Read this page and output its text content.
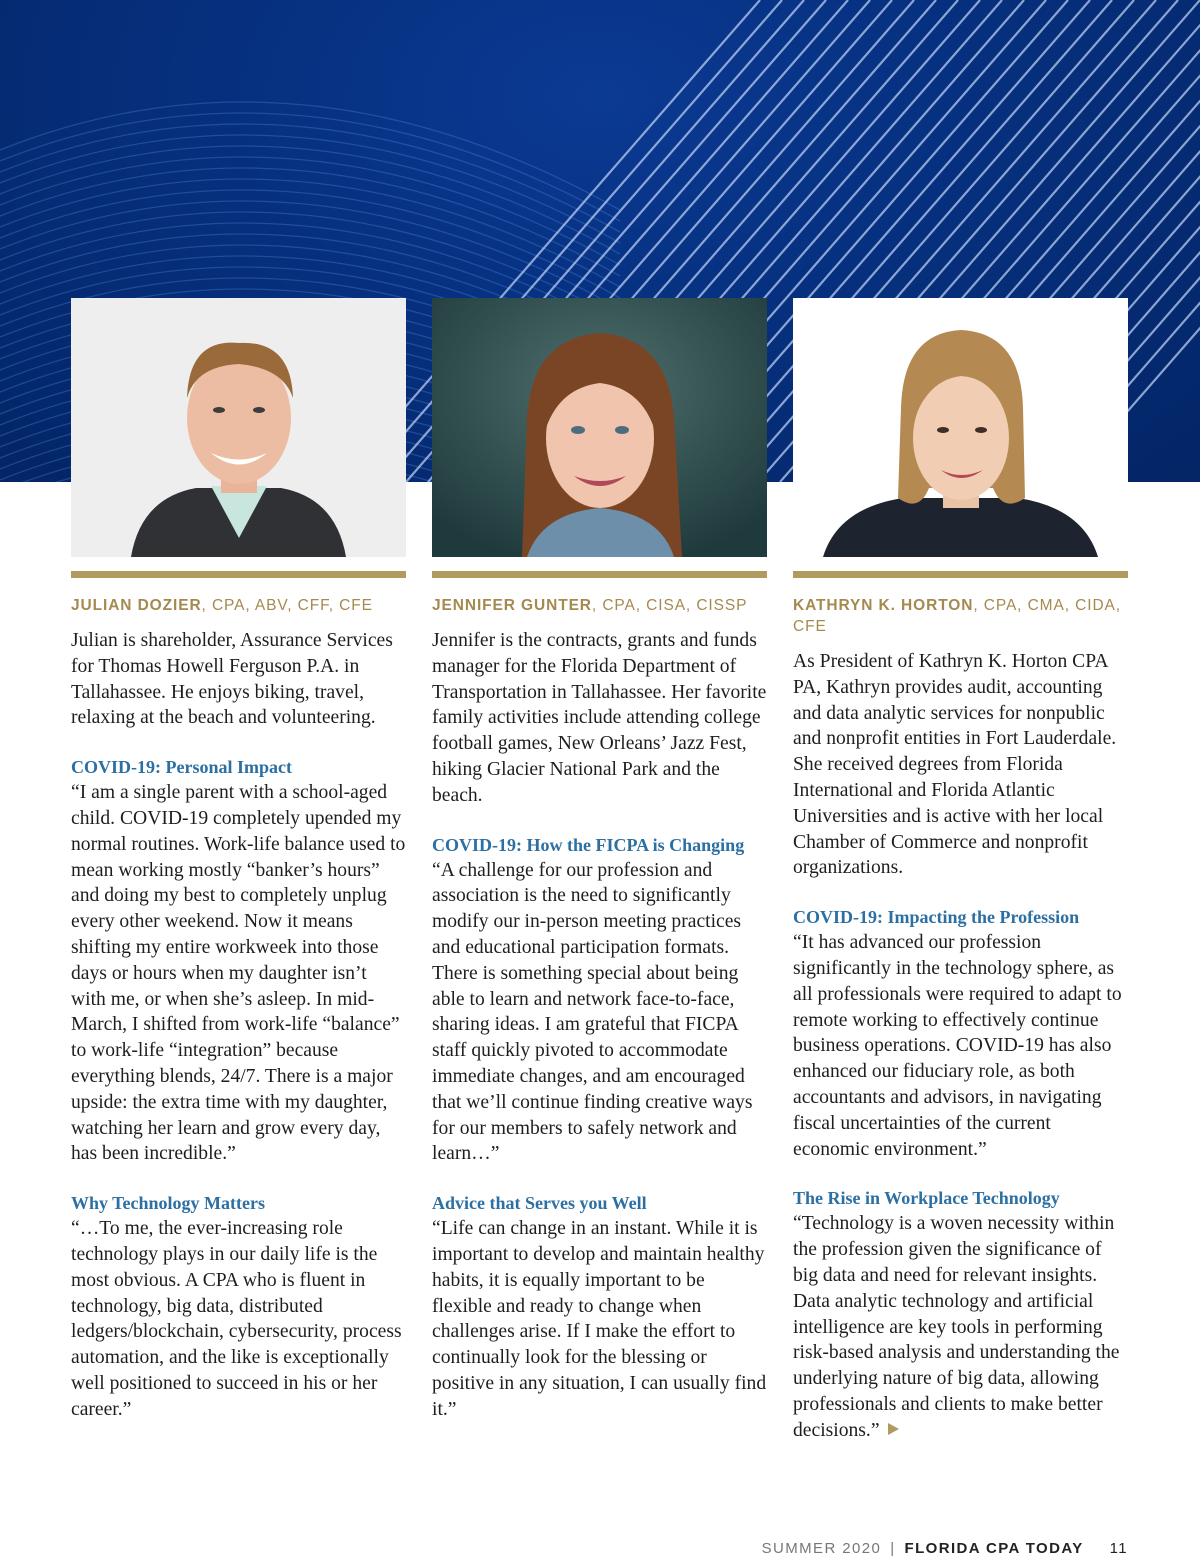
JULIAN DOZIER, CPA, ABV, CFF, CFE

Julian is shareholder, Assurance Services for Thomas Howell Ferguson P.A. in Tallahassee. He enjoys biking, travel, relaxing at the beach and volunteering.

COVID-19: Personal Impact

“I am a single parent with a school-aged child. COVID-19 completely upended my normal routines. Work-life balance used to mean working mostly “banker’s hours” and doing my best to completely unplug every other weekend. Now it means shifting my entire workweek into those days or hours when my daughter isn’t with me, or when she’s asleep. In mid-March, I shifted from work-life “balance” to work-life “integration” because everything blends, 24/7. There is a major upside: the extra time with my daughter, watching her learn and grow every day, has been incredible.”

Why Technology Matters

“…To me, the ever-increasing role technology plays in our daily life is the most obvious. A CPA who is fluent in technology, big data, distributed ledgers/blockchain, cybersecurity, process automation, and the like is exceptionally well positioned to succeed in his or her career.”

JENNIFER GUNTER, CPA, CISA, CISSP

Jennifer is the contracts, grants and funds manager for the Florida Department of Transportation in Tallahassee. Her favorite family activities include attending college football games, New Orleans’ Jazz Fest, hiking Glacier National Park and the beach.

COVID-19: How the FICPA is Changing

“A challenge for our profession and association is the need to significantly modify our in-person meeting practices and educational participation formats. There is something special about being able to learn and network face-to-face, sharing ideas. I am grateful that FICPA staff quickly pivoted to accommodate immediate changes, and am encouraged that we’ll continue finding creative ways for our members to safely network and learn…”

Advice that Serves you Well

“Life can change in an instant. While it is important to develop and maintain healthy habits, it is equally important to be flexible and ready to change when challenges arise. If I make the effort to continually look for the blessing or positive in any situation, I can usually find it.”

KATHRYN K. HORTON, CPA, CMA, CIDA, CFE

As President of Kathryn K. Horton CPA PA, Kathryn provides audit, accounting and data analytic services for nonpublic and nonprofit entities in Fort Lauderdale. She received degrees from Florida International and Florida Atlantic Universities and is active with her local Chamber of Commerce and nonprofit organizations.

COVID-19: Impacting the Profession

“It has advanced our profession significantly in the technology sphere, as all professionals were required to adapt to remote working to effectively continue business operations. COVID-19 has also enhanced our fiduciary role, as both accountants and advisors, in navigating fiscal uncertainties of the current economic environment.”

The Rise in Workplace Technology

“Technology is a woven necessity within the profession given the significance of big data and need for relevant insights. Data analytic technology and artificial intelligence are key tools in performing risk-based analysis and understanding the underlying nature of big data, allowing professionals and clients to make better decisions.”

SUMMER 2020 | FLORIDA CPA TODAY 11
